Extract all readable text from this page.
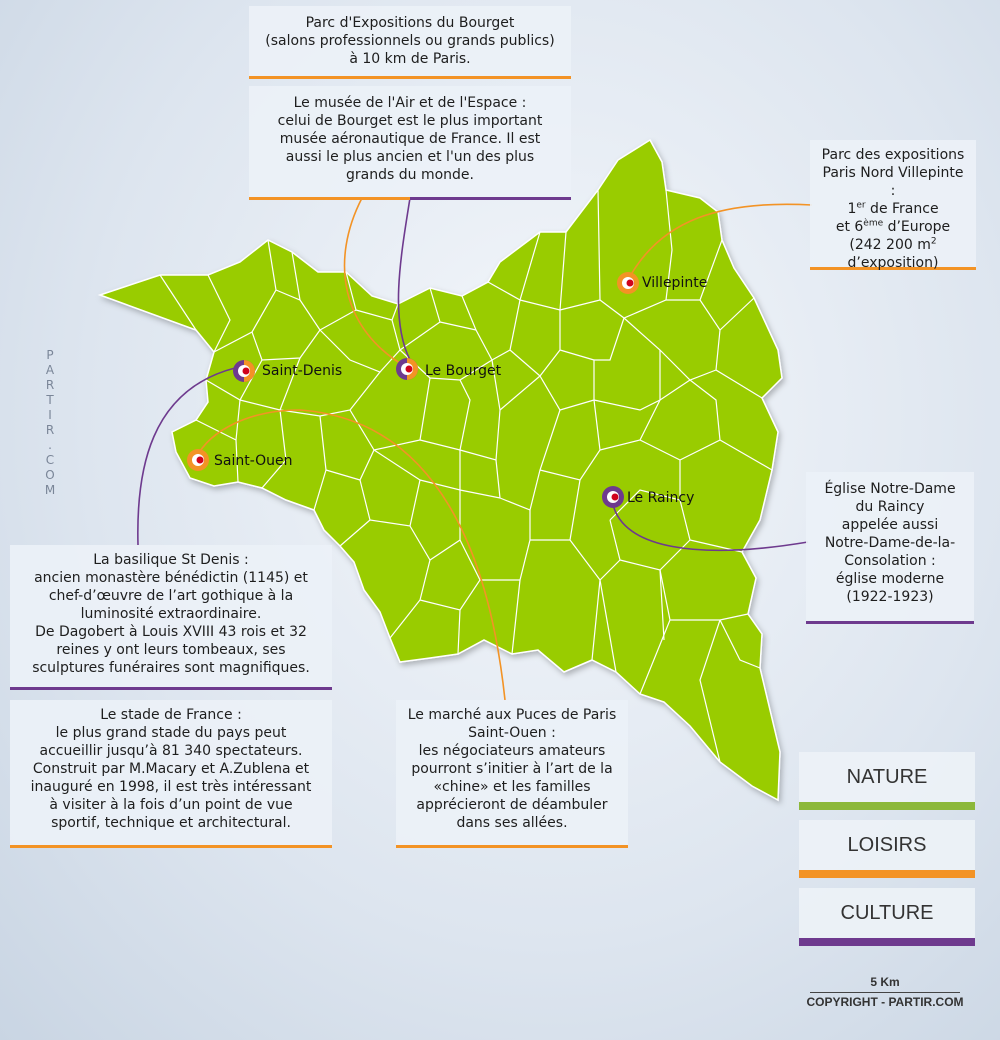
Saint-Denis	Le Bourget
Villepinte
Saint-Ouen
Le Raincy
P
A
R
T
I
R
.
C
O
M
Parc d'Expositions du Bourget
(salons professionnels ou grands publics)
à 10 km de Paris.
Le musée de l'Air et de l'Espace :
celui de Bourget est le plus important
musée aéronautique de France. Il est
aussi le plus ancien et l'un des plus
grands du monde.
Parc des expositions
Paris Nord Villepinte :
1er de France
et 6ème d’Europe
(242 200 $m^2$
d’exposition)
Église Notre-Dame
du Raincy
appelée aussi
Notre-Dame-de-la-
Consolation :
église moderne
(1922-1923)
La basilique St Denis :
ancien monastère bénédictin (1145) et
chef-d’œuvre de l’art gothique à la
luminosité extraordinaire.
De Dagobert à Louis XVIII 43 rois et 32
reines y ont leurs tombeaux, ses
sculptures funéraires sont magnifiques.
Le stade de France :
le plus grand stade du pays peut
accueillir jusqu’à 81 340 spectateurs.
Construit par M.Macary et A.Zublena et
inauguré en 1998, il est très intéressant
à visiter à la fois d’un point de vue
sportif, technique et architectural.
Le marché aux Puces de Paris
Saint-Ouen :
les négociateurs amateurs
pourront s’initier à l’art de la
«chine» et les familles
apprécieront de déambuler
dans ses allées.
NATURE
LOISIRS
CULTURE
5 Km
COPYRIGHT - PARTIR.COM
